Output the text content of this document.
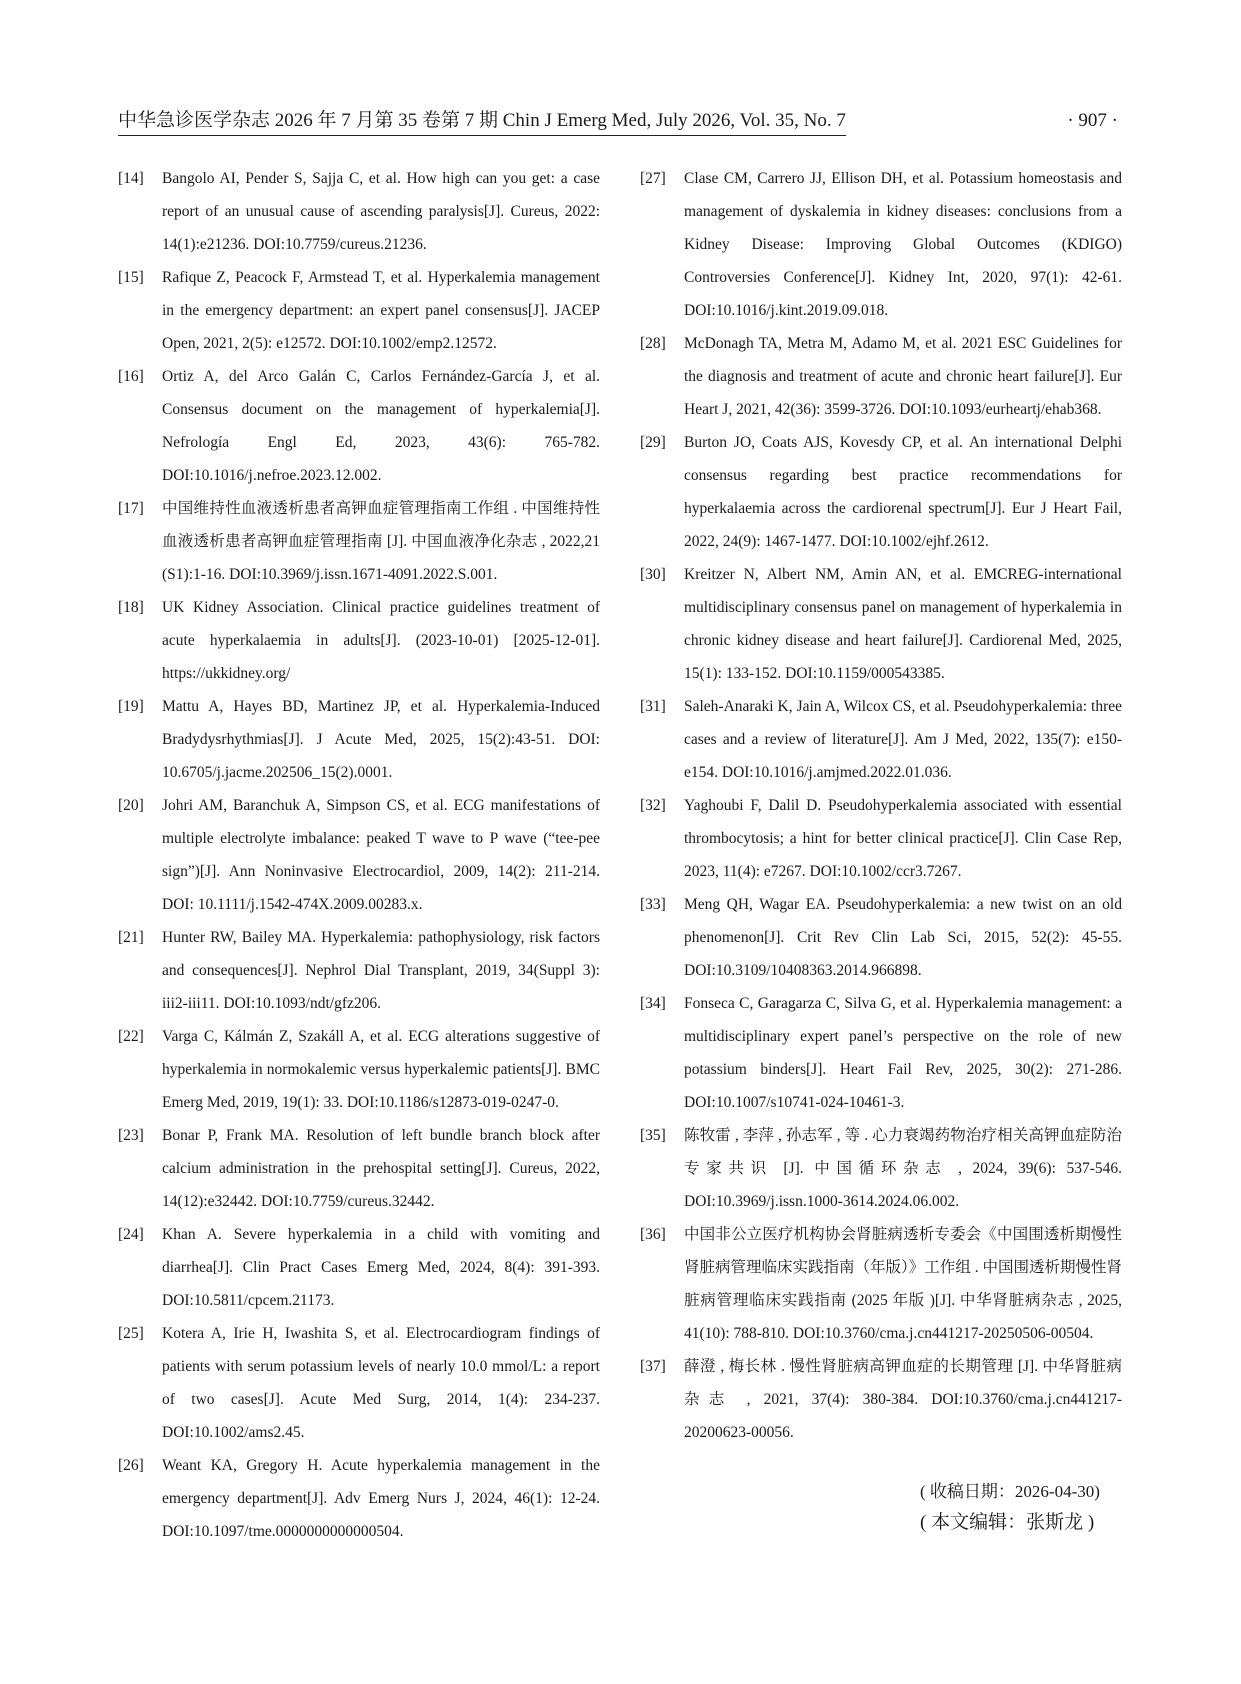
中华急诊医学杂志 2026 年 7 月第 35 卷第 7 期 Chin J Emerg Med, July 2026, Vol. 35, No. 7	· 907 ·
[14] Bangolo AI, Pender S, Sajja C, et al. How high can you get: a case report of an unusual cause of ascending paralysis[J]. Cureus, 2022: 14(1):e21236. DOI:10.7759/cureus.21236.
[15] Rafique Z, Peacock F, Armstead T, et al. Hyperkalemia management in the emergency department: an expert panel consensus[J]. JACEP Open, 2021, 2(5): e12572. DOI:10.1002/emp2.12572.
[16] Ortiz A, del Arco Galán C, Carlos Fernández-García J, et al. Consensus document on the management of hyperkalemia[J]. Nefrología Engl Ed, 2023, 43(6): 765-782. DOI:10.1016/j.nefroe.2023.12.002.
[17] 中国维持性血液透析患者高钾血症管理指南工作组 . 中国维持性血液透析患者高钾血症管理指南 [J]. 中国血液净化杂志 , 2022,21 (S1):1-16. DOI:10.3969/j.issn.1671-4091.2022.S.001.
[18] UK Kidney Association. Clinical practice guidelines treatment of acute hyperkalaemia in adults[J]. (2023-10-01) [2025-12-01]. https://ukkidney.org/
[19] Mattu A, Hayes BD, Martinez JP, et al. Hyperkalemia-Induced Bradydysrhythmias[J]. J Acute Med, 2025, 15(2):43-51. DOI: 10.6705/j.jacme.202506_15(2).0001.
[20] Johri AM, Baranchuk A, Simpson CS, et al. ECG manifestations of multiple electrolyte imbalance: peaked T wave to P wave (“tee-pee sign”)[J]. Ann Noninvasive Electrocardiol, 2009, 14(2): 211-214. DOI: 10.1111/j.1542-474X.2009.00283.x.
[21] Hunter RW, Bailey MA. Hyperkalemia: pathophysiology, risk factors and consequences[J]. Nephrol Dial Transplant, 2019, 34(Suppl 3): iii2-iii11. DOI:10.1093/ndt/gfz206.
[22] Varga C, Kálmán Z, Szakáll A, et al. ECG alterations suggestive of hyperkalemia in normokalemic versus hyperkalemic patients[J]. BMC Emerg Med, 2019, 19(1): 33. DOI:10.1186/s12873-019-0247-0.
[23] Bonar P, Frank MA. Resolution of left bundle branch block after calcium administration in the prehospital setting[J]. Cureus, 2022, 14(12):e32442. DOI:10.7759/cureus.32442.
[24] Khan A. Severe hyperkalemia in a child with vomiting and diarrhea[J]. Clin Pract Cases Emerg Med, 2024, 8(4): 391-393. DOI:10.5811/cpcem.21173.
[25] Kotera A, Irie H, Iwashita S, et al. Electrocardiogram findings of patients with serum potassium levels of nearly 10.0 mmol/L: a report of two cases[J]. Acute Med Surg, 2014, 1(4): 234-237. DOI:10.1002/ams2.45.
[26] Weant KA, Gregory H. Acute hyperkalemia management in the emergency department[J]. Adv Emerg Nurs J, 2024, 46(1): 12-24. DOI:10.1097/tme.0000000000000504.
[27] Clase CM, Carrero JJ, Ellison DH, et al. Potassium homeostasis and management of dyskalemia in kidney diseases: conclusions from a Kidney Disease: Improving Global Outcomes (KDIGO) Controversies Conference[J]. Kidney Int, 2020, 97(1): 42-61. DOI:10.1016/j.kint.2019.09.018.
[28] McDonagh TA, Metra M, Adamo M, et al. 2021 ESC Guidelines for the diagnosis and treatment of acute and chronic heart failure[J]. Eur Heart J, 2021, 42(36): 3599-3726. DOI:10.1093/eurheartj/ehab368.
[29] Burton JO, Coats AJS, Kovesdy CP, et al. An international Delphi consensus regarding best practice recommendations for hyperkalaemia across the cardiorenal spectrum[J]. Eur J Heart Fail, 2022, 24(9): 1467-1477. DOI:10.1002/ejhf.2612.
[30] Kreitzer N, Albert NM, Amin AN, et al. EMCREG-international multidisciplinary consensus panel on management of hyperkalemia in chronic kidney disease and heart failure[J]. Cardiorenal Med, 2025, 15(1): 133-152. DOI:10.1159/000543385.
[31] Saleh-Anaraki K, Jain A, Wilcox CS, et al. Pseudohyperkalemia: three cases and a review of literature[J]. Am J Med, 2022, 135(7): e150-e154. DOI:10.1016/j.amjmed.2022.01.036.
[32] Yaghoubi F, Dalil D. Pseudohyperkalemia associated with essential thrombocytosis; a hint for better clinical practice[J]. Clin Case Rep, 2023, 11(4): e7267. DOI:10.1002/ccr3.7267.
[33] Meng QH, Wagar EA. Pseudohyperkalemia: a new twist on an old phenomenon[J]. Crit Rev Clin Lab Sci, 2015, 52(2): 45-55. DOI:10.3109/10408363.2014.966898.
[34] Fonseca C, Garagarza C, Silva G, et al. Hyperkalemia management: a multidisciplinary expert panel’s perspective on the role of new potassium binders[J]. Heart Fail Rev, 2025, 30(2): 271-286. DOI:10.1007/s10741-024-10461-3.
[35] 陈牧雷 , 李萍 , 孙志军 , 等 . 心力衰竭药物治疗相关高钾血症防治专家共识 [J]. 中国循环杂志 , 2024, 39(6): 537-546. DOI:10.3969/j.issn.1000-3614.2024.06.002.
[36] 中国非公立医疗机构协会肾脏病透析专委会《中国围透析期慢性肾脏病管理临床实践指南（年版）》工作组 . 中国围透析期慢性肾脏病管理临床实践指南 (2025 年版 )[J]. 中华肾脏病杂志 , 2025, 41(10): 788-810. DOI:10.3760/cma.j.cn441217-20250506-00504.
[37] 薛澄 , 梅长林 . 慢性肾脏病高钾血症的长期管理 [J]. 中华肾脏病杂志 , 2021, 37(4): 380-384. DOI:10.3760/cma.j.cn441217-20200623-00056.
( 收稿日期：2026-04-30)
( 本文编辑：张斯龙 )
